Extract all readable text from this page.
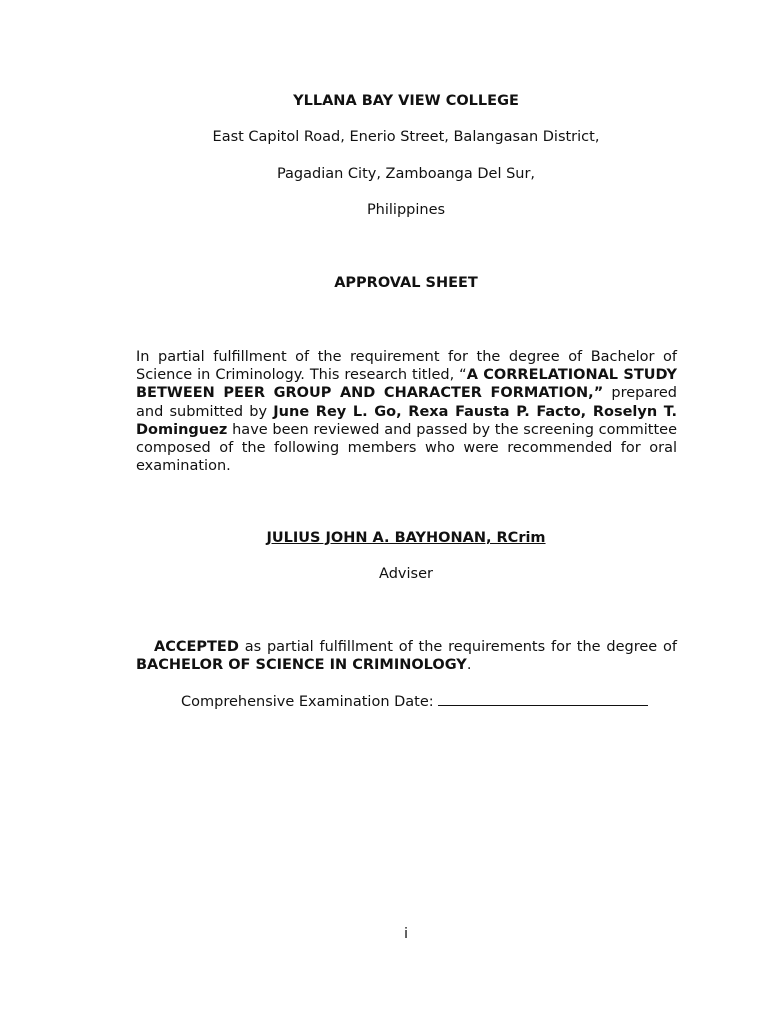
YLLANA BAY VIEW COLLEGE

East Capitol Road, Enerio Street, Balangasan District,

Pagadian City, Zamboanga Del Sur,

Philippines

APPROVAL SHEET

In partial fulfillment of the requirement for the degree of Bachelor of Science in Criminology. This research titled, “A CORRELATIONAL STUDY BETWEEN PEER GROUP AND CHARACTER FORMATION,” prepared and submitted by June Rey L. Go, Rexa Fausta P. Facto, Roselyn T. Dominguez have been reviewed and passed by the screening committee composed of the following members who were recommended for oral examination.

JULIUS JOHN A. BAYHONAN, RCrim

Adviser

ACCEPTED as partial fulfillment of the requirements for the degree of BACHELOR OF SCIENCE IN CRIMINOLOGY.

Comprehensive Examination Date:

i
